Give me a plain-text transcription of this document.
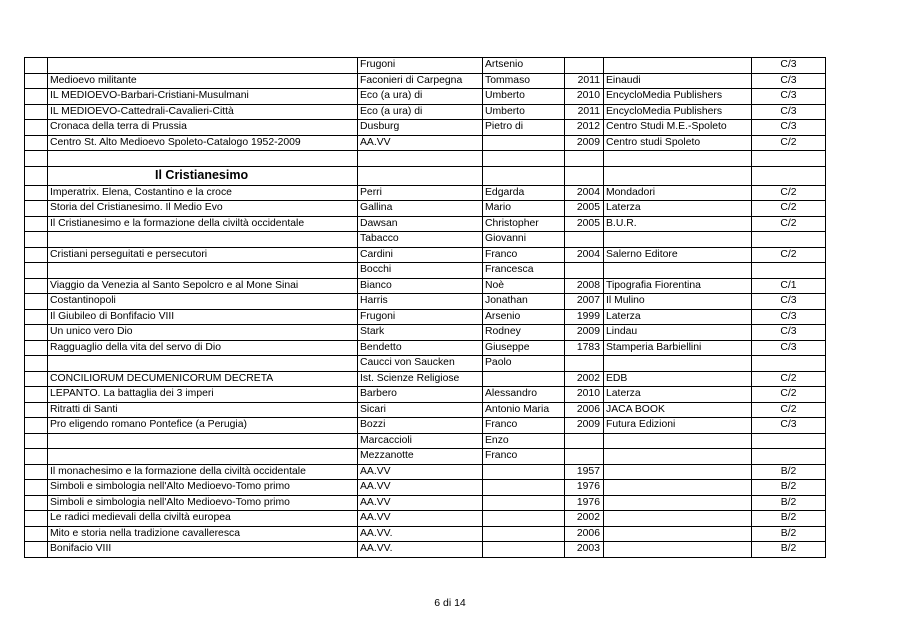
		Frugoni	Artsenio			C/3
	Medioevo militante	Faconieri di Carpegna	Tommaso	2011	Einaudi	C/3
	IL MEDIOEVO-Barbari-Cristiani-Musulmani	Eco (a ura) di	Umberto	2010	EncycloMedia Publishers	C/3
	IL MEDIOEVO-Cattedrali-Cavalieri-Città	Eco (a ura) di	Umberto	2011	EncycloMedia Publishers	C/3
	Cronaca della terra di Prussia	Dusburg	Pietro di	2012	Centro Studi M.E.-Spoleto	C/3
	Centro St. Alto Medioevo Spoleto-Catalogo 1952-2009	AA.VV		2009	Centro studi Spoleto	C/2

	Il Cristianesimo					
	Imperatrix. Elena, Costantino e la croce	Perri	Edgarda	2004	Mondadori	C/2
	Storia del Cristianesimo. Il Medio Evo	Gallina	Mario	2005	Laterza	C/2
	Il Cristianesimo e la formazione della civiltà occidentale	Dawsan	Christopher	2005	B.U.R.	C/2
		Tabacco	Giovanni			
	Cristiani perseguitati e persecutori	Cardini	Franco	2004	Salerno Editore	C/2
		Bocchi	Francesca			
	Viaggio da Venezia al Santo Sepolcro e al Mone Sinai	Bianco	Noè	2008	Tipografia Fiorentina	C/1
	Costantinopoli	Harris	Jonathan	2007	Il Mulino	C/3
	Il Giubileo di Bonfifacio VIII	Frugoni	Arsenio	1999	Laterza	C/3
	Un unico vero Dio	Stark	Rodney	2009	Lindau	C/3
	Ragguaglio della vita del servo di Dio	Bendetto	Giuseppe	1783	Stamperia Barbiellini	C/3
		Caucci von Saucken	Paolo			
	CONCILIORUM DECUMENICORUM DECRETA	Ist. Scienze Religiose		2002	EDB	C/2
	LEPANTO. La battaglia dei 3 imperi	Barbero	Alessandro	2010	Laterza	C/2
	Ritratti di Santi	Sicari	Antonio Maria	2006	JACA BOOK	C/2
	Pro eligendo romano Pontefice (a Perugia)	Bozzi	Franco	2009	Futura Edizioni	C/3
		Marcaccioli	Enzo			
		Mezzanotte	Franco			
	Il monachesimo e la formazione della civiltà occidentale	AA.VV		1957		B/2
	Simboli e simbologia nell'Alto Medioevo-Tomo primo	AA.VV		1976		B/2
	Simboli e simbologia nell'Alto Medioevo-Tomo primo	AA.VV		1976		B/2
	Le radici medievali della civiltà europea	AA.VV		2002		B/2
	Mito e storia nella tradizione cavalleresca	AA.VV.		2006		B/2
	Bonifacio VIII	AA.VV.		2003		B/2
6 di 14
